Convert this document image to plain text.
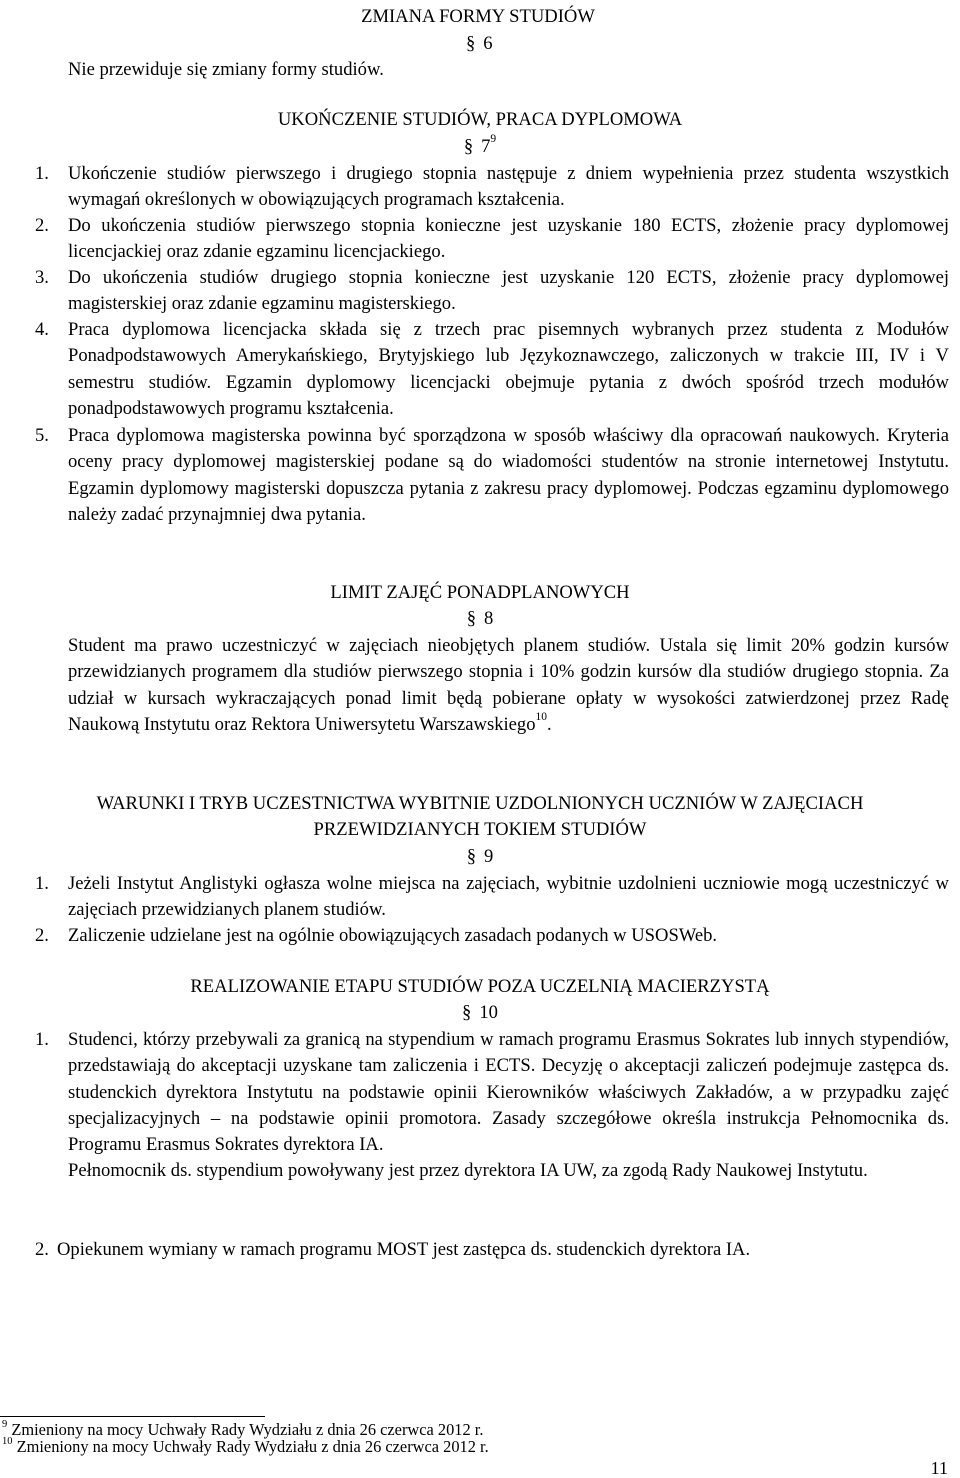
ZMIANA FORMY STUDIÓW
Nie przewiduje się zmiany formy studiów.
§ 6
UKOŃCZENIE STUDIÓW, PRACA DYPLOMOWA
§ $7^9$
1. Ukończenie studiów pierwszego i drugiego stopnia następuje z dniem wypełnienia przez studenta wszystkich wymagań określonych w obowiązujących programach kształcenia.
2. Do ukończenia studiów pierwszego stopnia konieczne jest uzyskanie 180 ECTS, złożenie pracy dyplomowej licencjackiej oraz zdanie egzaminu licencjackiego.
3. Do ukończenia studiów drugiego stopnia konieczne jest uzyskanie 120 ECTS, złożenie pracy dyplomowej magisterskiej oraz zdanie egzaminu magisterskiego.
4. Praca dyplomowa licencjacka składa się z trzech prac pisemnych wybranych przez studenta z Modułów Ponadpodstawowych Amerykańskiego, Brytyjskiego lub Językoznawczego, zaliczonych w trakcie III, IV i V semestru studiów. Egzamin dyplomowy licencjacki obejmuje pytania z dwóch spośród trzech modułów ponadpodstawowych programu kształcenia.
5. Praca dyplomowa magisterska powinna być sporządzona w sposób właściwy dla opracowań naukowych. Kryteria oceny pracy dyplomowej magisterskiej podane są do wiadomości studentów na stronie internetowej Instytutu. Egzamin dyplomowy magisterski dopuszcza pytania z zakresu pracy dyplomowej. Podczas egzaminu dyplomowego należy zadać przynajmniej dwa pytania.
LIMIT ZAJĘĆ PONADPLANOWYCH
§ 8
Student ma prawo uczestniczyć w zajęciach nieobjętych planem studiów. Ustala się limit 20% godzin kursów przewidzianych programem dla studiów pierwszego stopnia i 10% godzin kursów dla studiów drugiego stopnia. Za udział w kursach wykraczających ponad limit będą pobierane opłaty w wysokości zatwierdzonej przez Radę Naukową Instytutu oraz Rektora Uniwersytetu Warszawskiego$^{10}$.
WARUNKI I TRYB UCZESTNICTWA WYBITNIE UZDOLNIONYCH UCZNIÓW W ZAJĘCIACH
PRZEWIDZIANYCH TOKIEM STUDIÓW
§ 9
1. Jeżeli Instytut Anglistyki ogłasza wolne miejsca na zajęciach, wybitnie uzdolnieni uczniowie mogą uczestniczyć w zajęciach przewidzianych planem studiów.
2. Zaliczenie udzielane jest na ogólnie obowiązujących zasadach podanych w USOSWeb.
REALIZOWANIE ETAPU STUDIÓW POZA UCZELNIĄ MACIERZYSTĄ
§ 10
1. Studenci, którzy przebywali za granicą na stypendium w ramach programu Erasmus Sokrates lub innych stypendiów, przedstawiają do akceptacji uzyskane tam zaliczenia i ECTS. Decyzję o akceptacji zaliczeń podejmuje zastępca ds. studenckich dyrektora Instytutu na podstawie opinii Kierowników właściwych Zakładów, a w przypadku zajęć specjalizacyjnych – na podstawie opinii promotora. Zasady szczegółowe określa instrukcja Pełnomocnika ds. Programu Erasmus Sokrates dyrektora IA.
Pełnomocnik ds. stypendium powoływany jest przez dyrektora IA UW, za zgodą Rady Naukowej Instytutu.
2. Opiekunem wymiany w ramach programu MOST jest zastępca ds. studenckich dyrektora IA.
$^9$ Zmieniony na mocy Uchwały Rady Wydziału z dnia 26 czerwca 2012 r.
$^{10}$ Zmieniony na mocy Uchwały Rady Wydziału z dnia 26 czerwca 2012 r.
11
